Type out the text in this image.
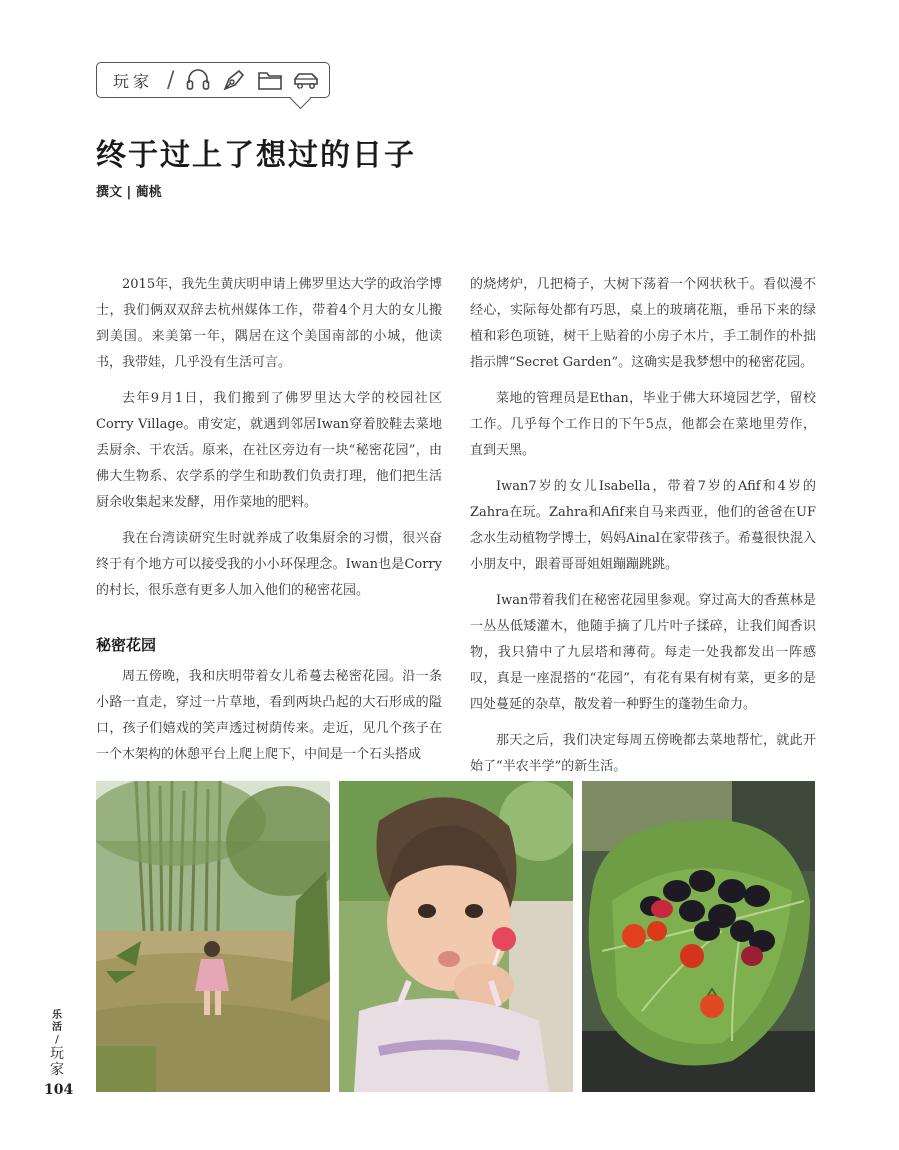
玩家 /
终于过上了想过的日子
撰文 | 蔺桃

2015年，我先生黄庆明申请上佛罗里达大学的政治学博士，我们俩双双辞去杭州媒体工作，带着4个月大的女儿搬到美国。来美第一年，隅居在这个美国南部的小城，他读书，我带娃，几乎没有生活可言。

去年9月1日，我们搬到了佛罗里达大学的校园社区Corry Village。甫安定，就遇到邻居Iwan穿着胶鞋去菜地丢厨余、干农活。原来，在社区旁边有一块“秘密花园”，由佛大生物系、农学系的学生和助教们负责打理，他们把生活厨余收集起来发酵，用作菜地的肥料。

我在台湾读研究生时就养成了收集厨余的习惯，很兴奋终于有个地方可以接受我的小小环保理念。Iwan也是Corry的村长，很乐意有更多人加入他们的秘密花园。

秘密花园

周五傍晚，我和庆明带着女儿希蔓去秘密花园。沿一条小路一直走，穿过一片草地，看到两块凸起的大石形成的隘口，孩子们嬉戏的笑声透过树荫传来。走近，见几个孩子在一个木架构的休憩平台上爬上爬下，中间是一个石头搭成

的烧烤炉，几把椅子，大树下荡着一个网状秋千。看似漫不经心，实际每处都有巧思，桌上的玻璃花瓶，垂吊下来的绿植和彩色项链，树干上贴着的小房子木片，手工制作的朴拙指示牌“Secret Garden”。这确实是我梦想中的秘密花园。

菜地的管理员是Ethan，毕业于佛大环境园艺学，留校工作。几乎每个工作日的下午5点，他都会在菜地里劳作，直到天黑。

Iwan7岁的女儿Isabella，带着7岁的Afif和4岁的Zahra在玩。Zahra和Afif来自马来西亚，他们的爸爸在UF念水生动植物学博士，妈妈Ainal在家带孩子。希蔓很快混入小朋友中，跟着哥哥姐姐蹦蹦跳跳。

Iwan带着我们在秘密花园里参观。穿过高大的香蕉林是一丛丛低矮灌木，他随手摘了几片叶子揉碎，让我们闻香识物，我只猜中了九层塔和薄荷。每走一处我都发出一阵感叹，真是一座混搭的“花园”，有花有果有树有菜，更多的是四处蔓延的杂草，散发着一种野生的蓬勃生命力。

那天之后，我们决定每周五傍晚都去菜地帮忙，就此开始了“半农半学”的新生活。

乐活
/
玩
家
104
